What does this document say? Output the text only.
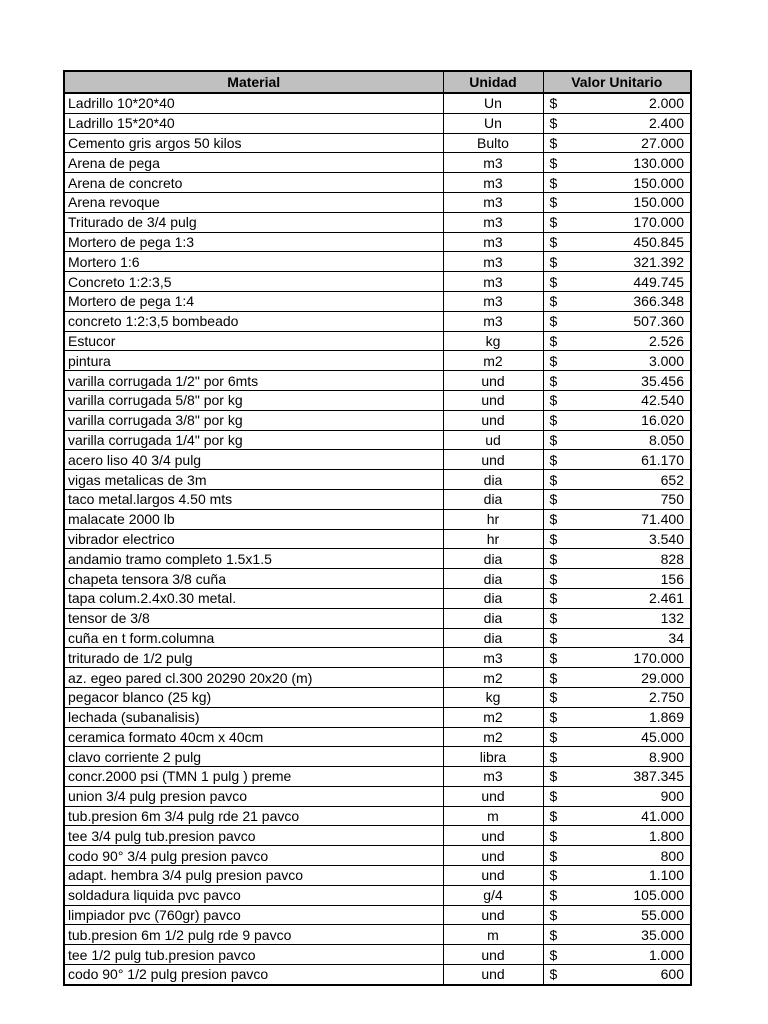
Material	Unidad	Valor Unitario	
Ladrillo 10*20*40	Un	$	2.000
Ladrillo 15*20*40	Un	$	2.400
Cemento gris argos 50 kilos	Bulto	$	27.000
Arena de pega	m3	$	130.000
Arena de concreto	m3	$	150.000
Arena revoque	m3	$	150.000
Triturado de 3/4 pulg	m3	$	170.000
Mortero de pega 1:3	m3	$	450.845
Mortero 1:6	m3	$	321.392
Concreto 1:2:3,5	m3	$	449.745
Mortero de pega 1:4	m3	$	366.348
concreto 1:2:3,5 bombeado	m3	$	507.360
Estucor	kg	$	2.526
pintura	m2	$	3.000
varilla corrugada 1/2" por 6mts	und	$	35.456
varilla corrugada 5/8" por kg	und	$	42.540
varilla corrugada 3/8" por kg	und	$	16.020
varilla corrugada 1/4" por kg	ud	$	8.050
acero liso 40 3/4 pulg	und	$	61.170
vigas metalicas de 3m	dia	$	652
taco metal.largos 4.50 mts	dia	$	750
malacate 2000 lb	hr	$	71.400
vibrador electrico	hr	$	3.540
andamio tramo completo 1.5x1.5	dia	$	828
chapeta tensora 3/8 cuña	dia	$	156
tapa colum.2.4x0.30 metal.	dia	$	2.461
tensor de 3/8	dia	$	132
cuña en t form.columna	dia	$	34
triturado de 1/2 pulg	m3	$	170.000
az. egeo pared cl.300 20290 20x20 (m)	m2	$	29.000
pegacor blanco (25 kg)	kg	$	2.750
lechada (subanalisis)	m2	$	1.869
ceramica formato 40cm x 40cm	m2	$	45.000
clavo corriente 2 pulg	libra	$	8.900
concr.2000 psi (TMN 1 pulg ) preme	m3	$	387.345
union 3/4 pulg presion pavco	und	$	900
tub.presion 6m 3/4 pulg rde 21 pavco	m	$	41.000
tee 3/4 pulg tub.presion pavco	und	$	1.800
codo 90° 3/4 pulg presion pavco	und	$	800
adapt. hembra 3/4 pulg presion pavco	und	$	1.100
soldadura liquida pvc pavco	g/4	$	105.000
limpiador pvc (760gr) pavco	und	$	55.000
tub.presion 6m 1/2 pulg rde 9 pavco	m	$	35.000
tee 1/2 pulg tub.presion pavco	und	$	1.000
codo 90° 1/2 pulg presion pavco	und	$	600
